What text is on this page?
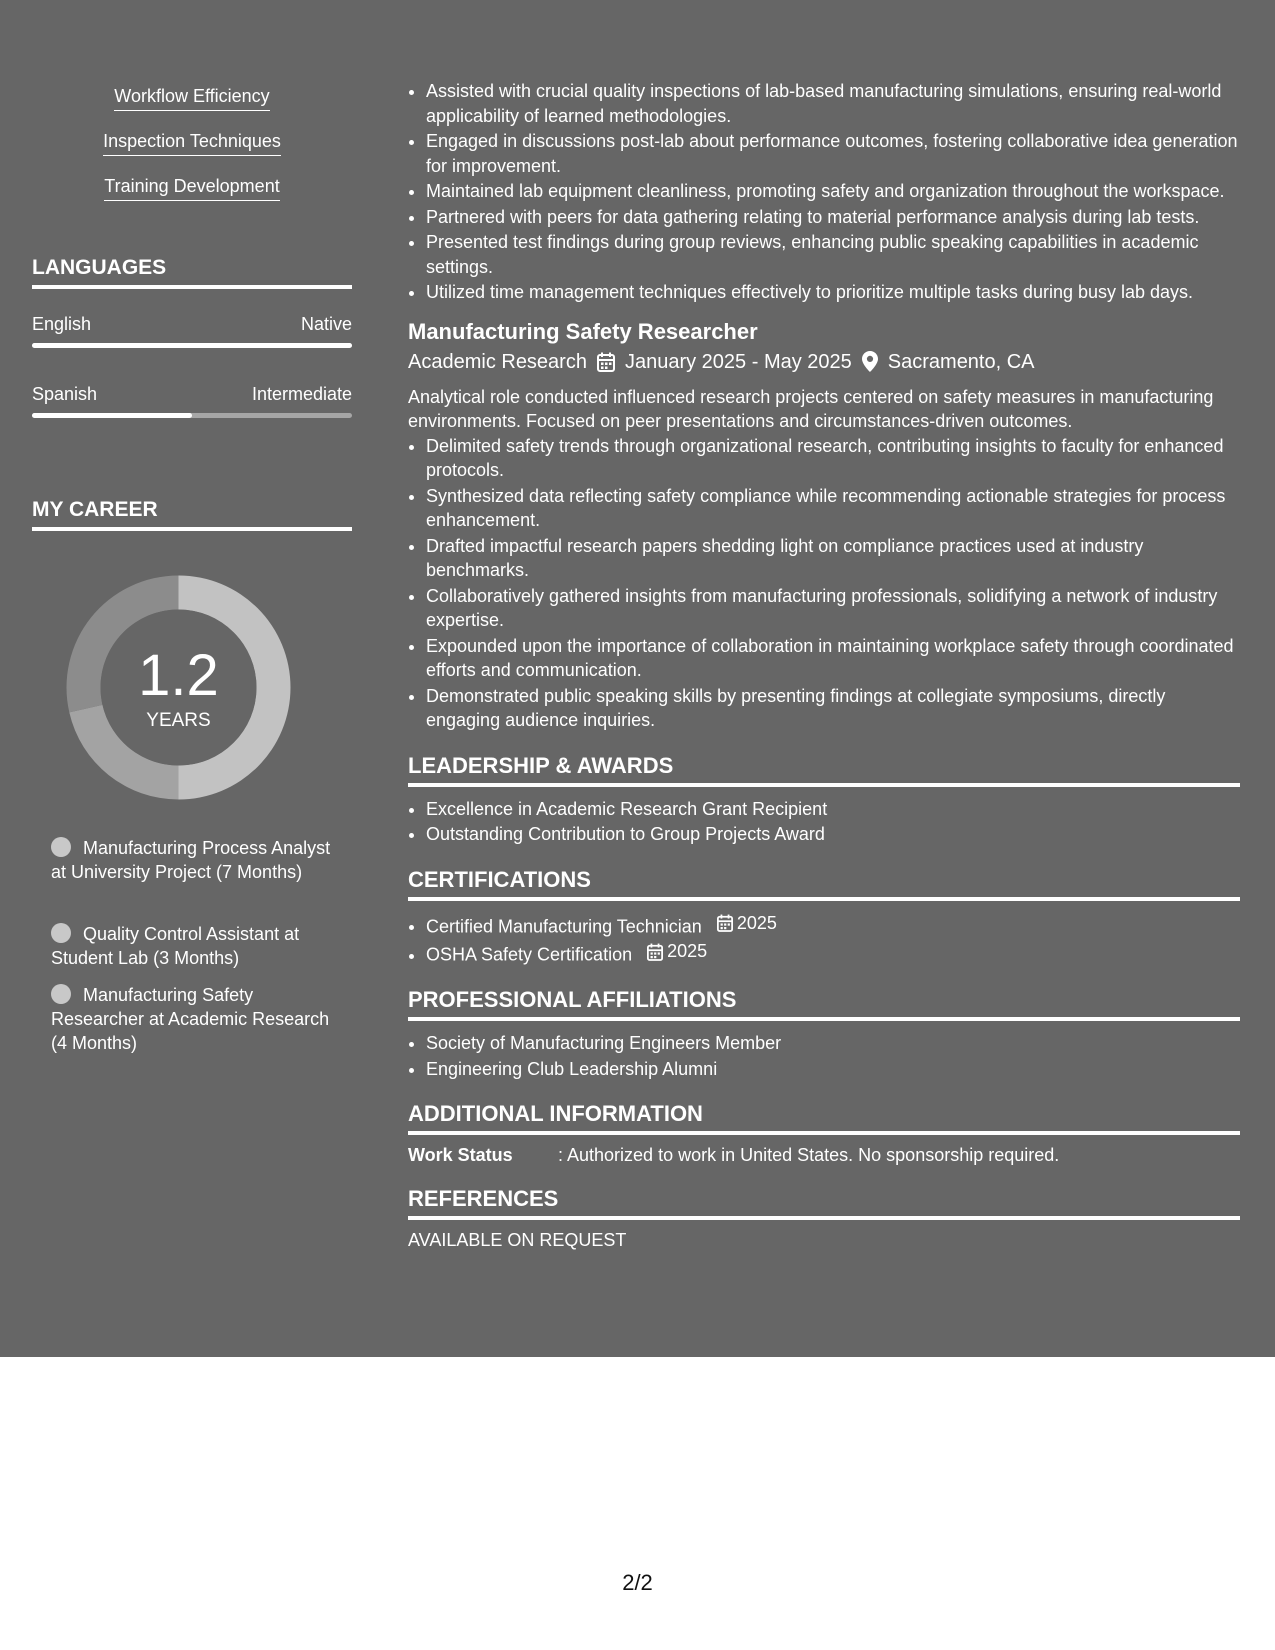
Workflow Efficiency
Inspection Techniques
Training Development
LANGUAGES
English	Native
Spanish	Intermediate
MY CAREER
1.2
YEARS
Manufacturing Process Analyst at University Project (7 Months)
Quality Control Assistant at Student Lab (3 Months)
Manufacturing Safety Researcher at Academic Research (4 Months)
• Assisted with crucial quality inspections of lab-based manufacturing simulations, ensuring real-world applicability of learned methodologies.
• Engaged in discussions post-lab about performance outcomes, fostering collaborative idea generation for improvement.
• Maintained lab equipment cleanliness, promoting safety and organization throughout the workspace.
• Partnered with peers for data gathering relating to material performance analysis during lab tests.
• Presented test findings during group reviews, enhancing public speaking capabilities in academic settings.
• Utilized time management techniques effectively to prioritize multiple tasks during busy lab days.
Manufacturing Safety Researcher
Academic Research January 2025 - May 2025 Sacramento, CA
Analytical role conducted influenced research projects centered on safety measures in manufacturing environments. Focused on peer presentations and circumstances-driven outcomes.
• Delimited safety trends through organizational research, contributing insights to faculty for enhanced protocols.
• Synthesized data reflecting safety compliance while recommending actionable strategies for process enhancement.
• Drafted impactful research papers shedding light on compliance practices used at industry benchmarks.
• Collaboratively gathered insights from manufacturing professionals, solidifying a network of industry expertise.
• Expounded upon the importance of collaboration in maintaining workplace safety through coordinated efforts and communication.
• Demonstrated public speaking skills by presenting findings at collegiate symposiums, directly engaging audience inquiries.
LEADERSHIP & AWARDS
• Excellence in Academic Research Grant Recipient
• Outstanding Contribution to Group Projects Award
CERTIFICATIONS
• Certified Manufacturing Technician 2025
• OSHA Safety Certification 2025
PROFESSIONAL AFFILIATIONS
• Society of Manufacturing Engineers Member
• Engineering Club Leadership Alumni
ADDITIONAL INFORMATION
Work Status	: Authorized to work in United States. No sponsorship required.
REFERENCES
AVAILABLE ON REQUEST
2/2
